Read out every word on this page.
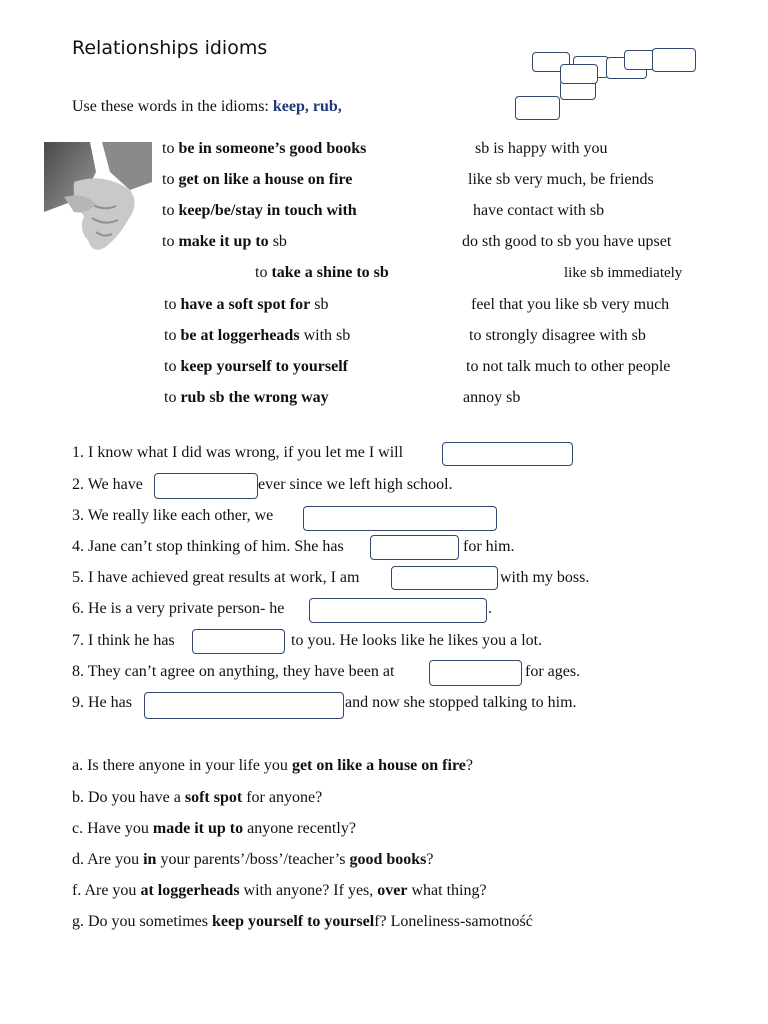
Relationships idioms
Use these words in the idioms: keep, rub,
to be in someone’s good books	sb is happy with you
to get on like a house on fire	like sb very much, be friends
to keep/be/stay in touch with	have contact with sb
to make it up to sb	do sth good to sb you have upset
to take a shine to sb	like sb immediately
to have a soft spot for sb	feel that you like sb very much
to be at loggerheads with sb	to strongly disagree with sb
to keep yourself to yourself	to not talk much to other people
to rub sb the wrong way	annoy sb
1. I know what I did was wrong, if you let me I will
2. We have	ever since we left high school.
3. We really like each other, we
4. Jane can’t stop thinking of him. She has	for him.
5. I have achieved great results at work, I am	with my boss.
6. He is a very private person- he	.
7. I think he has	to you. He looks like he likes you a lot.
8. They can’t agree on anything, they have been at	for ages.
9. He has	and now she stopped talking to him.
a. Is there anyone in your life you get on like a house on fire?
b. Do you have a soft spot for anyone?
c. Have you made it up to anyone recently?
d. Are you in your parents’/boss’/teacher’s good books?
f. Are you at loggerheads with anyone? If yes, over what thing?
g. Do you sometimes keep yourself to yourself? Loneliness-samotność
